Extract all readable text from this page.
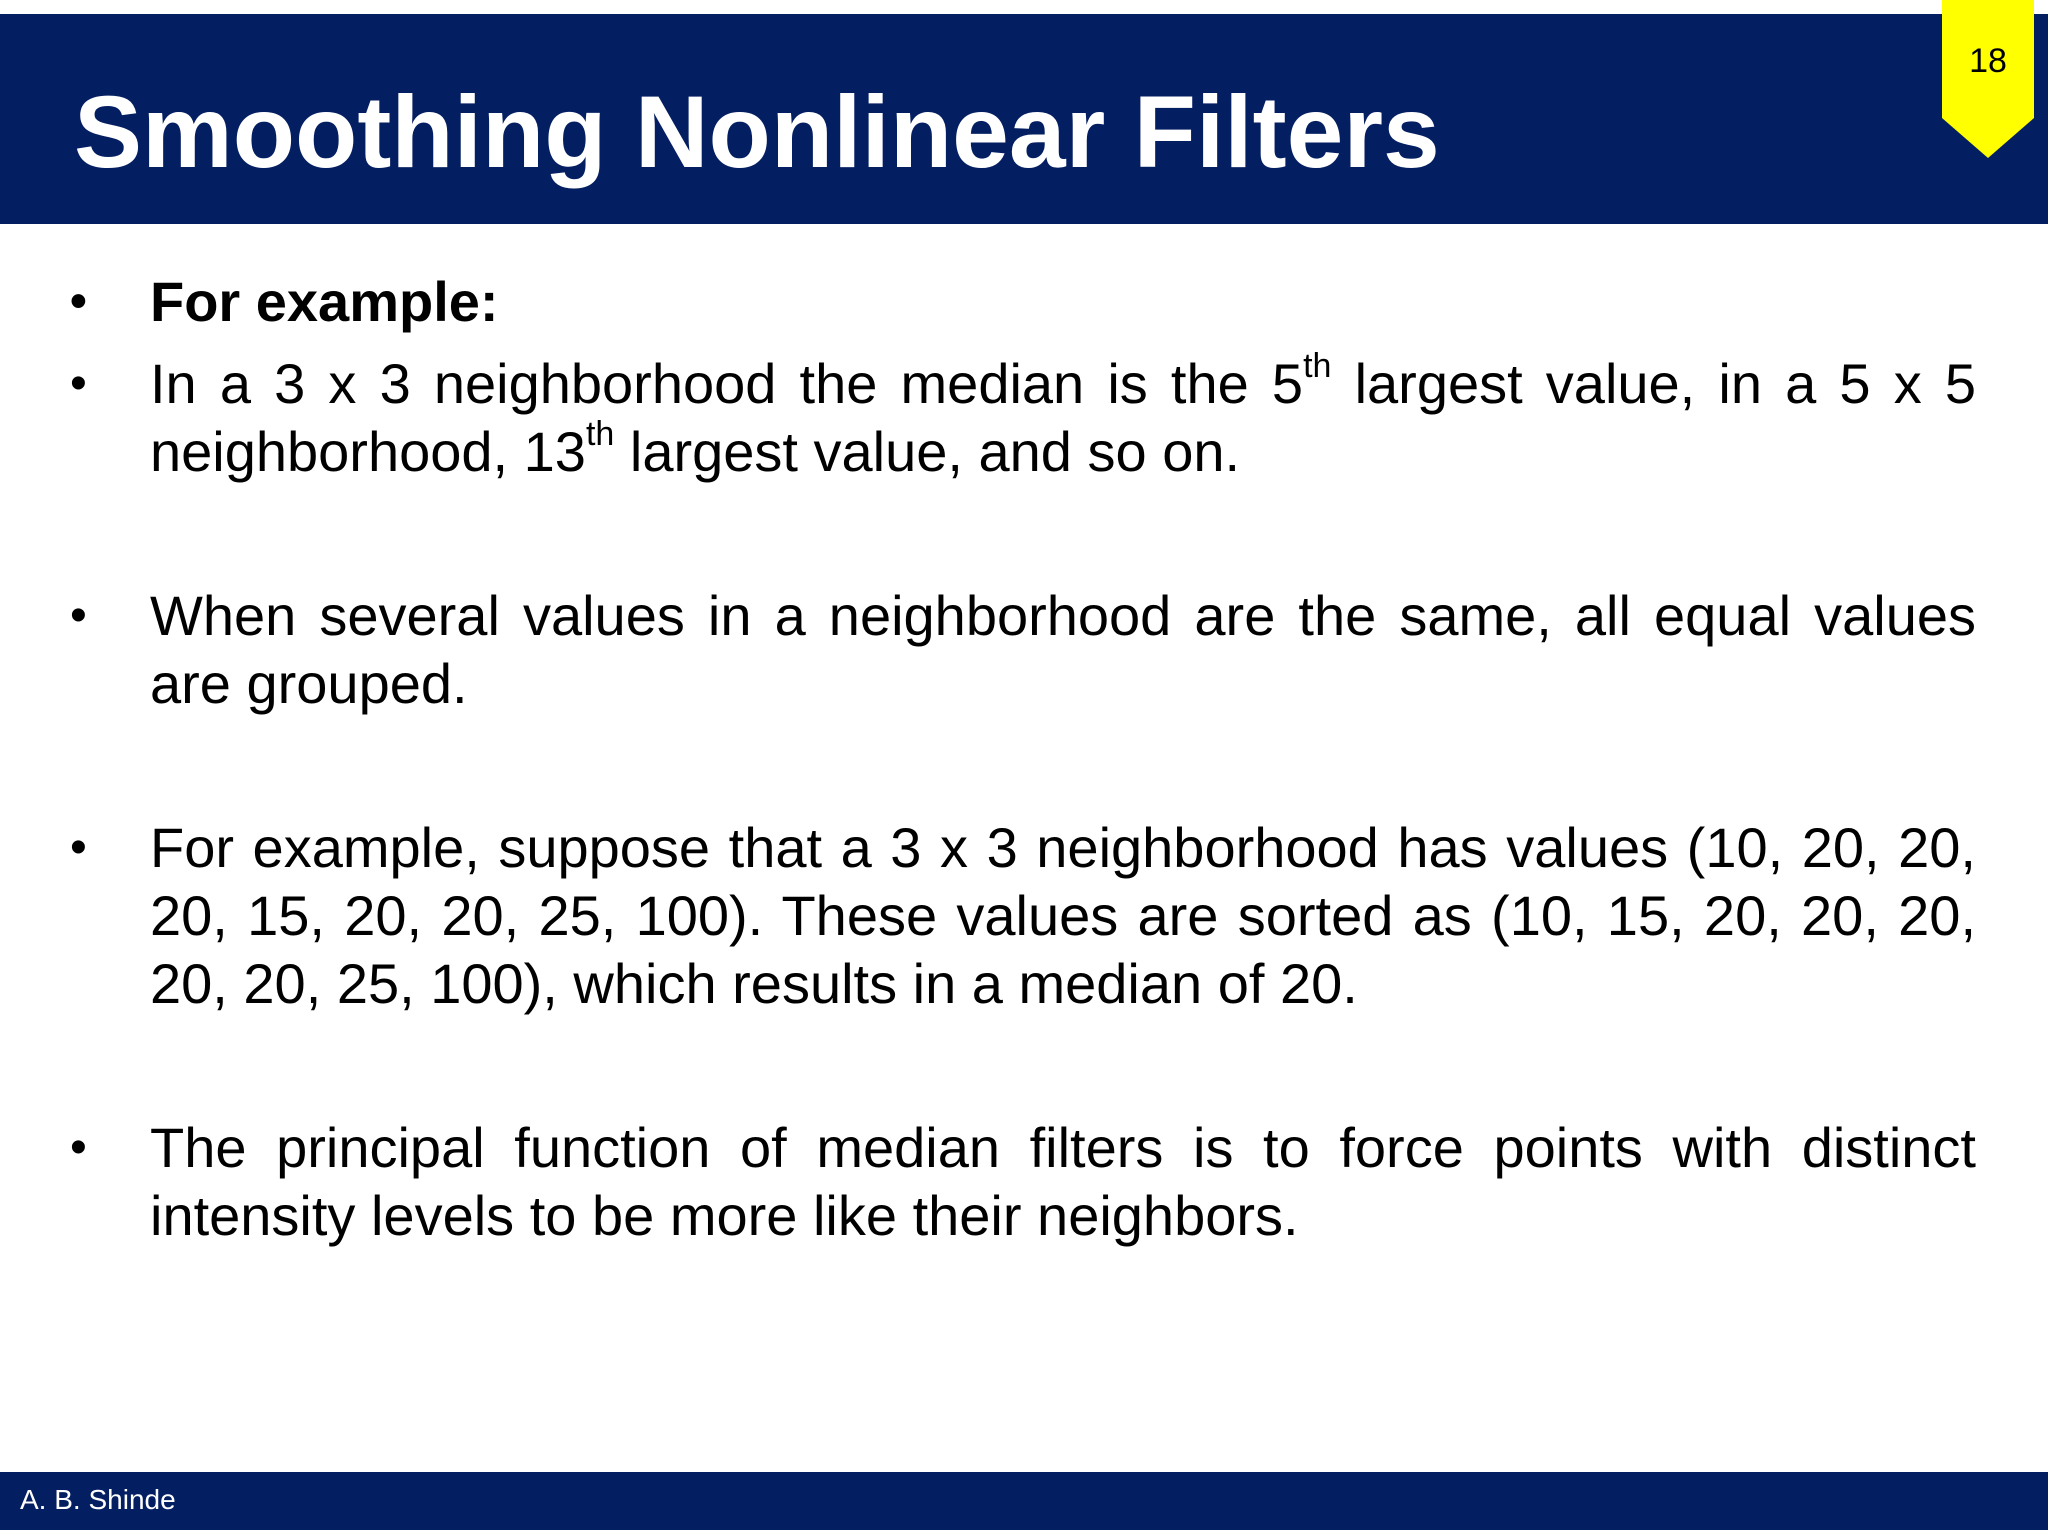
Smoothing Nonlinear Filters
18
• For example:
• In a 3 x 3 neighborhood the median is the 5th largest value, in a 5 x 5 neighborhood, 13th largest value, and so on.
• When several values in a neighborhood are the same, all equal values are grouped.
• For example, suppose that a 3 x 3 neighborhood has values (10, 20, 20, 20, 15, 20, 20, 25, 100). These values are sorted as (10, 15, 20, 20, 20, 20, 20, 25, 100), which results in a median of 20.
• The principal function of median filters is to force points with distinct intensity levels to be more like their neighbors.
A. B. Shinde
